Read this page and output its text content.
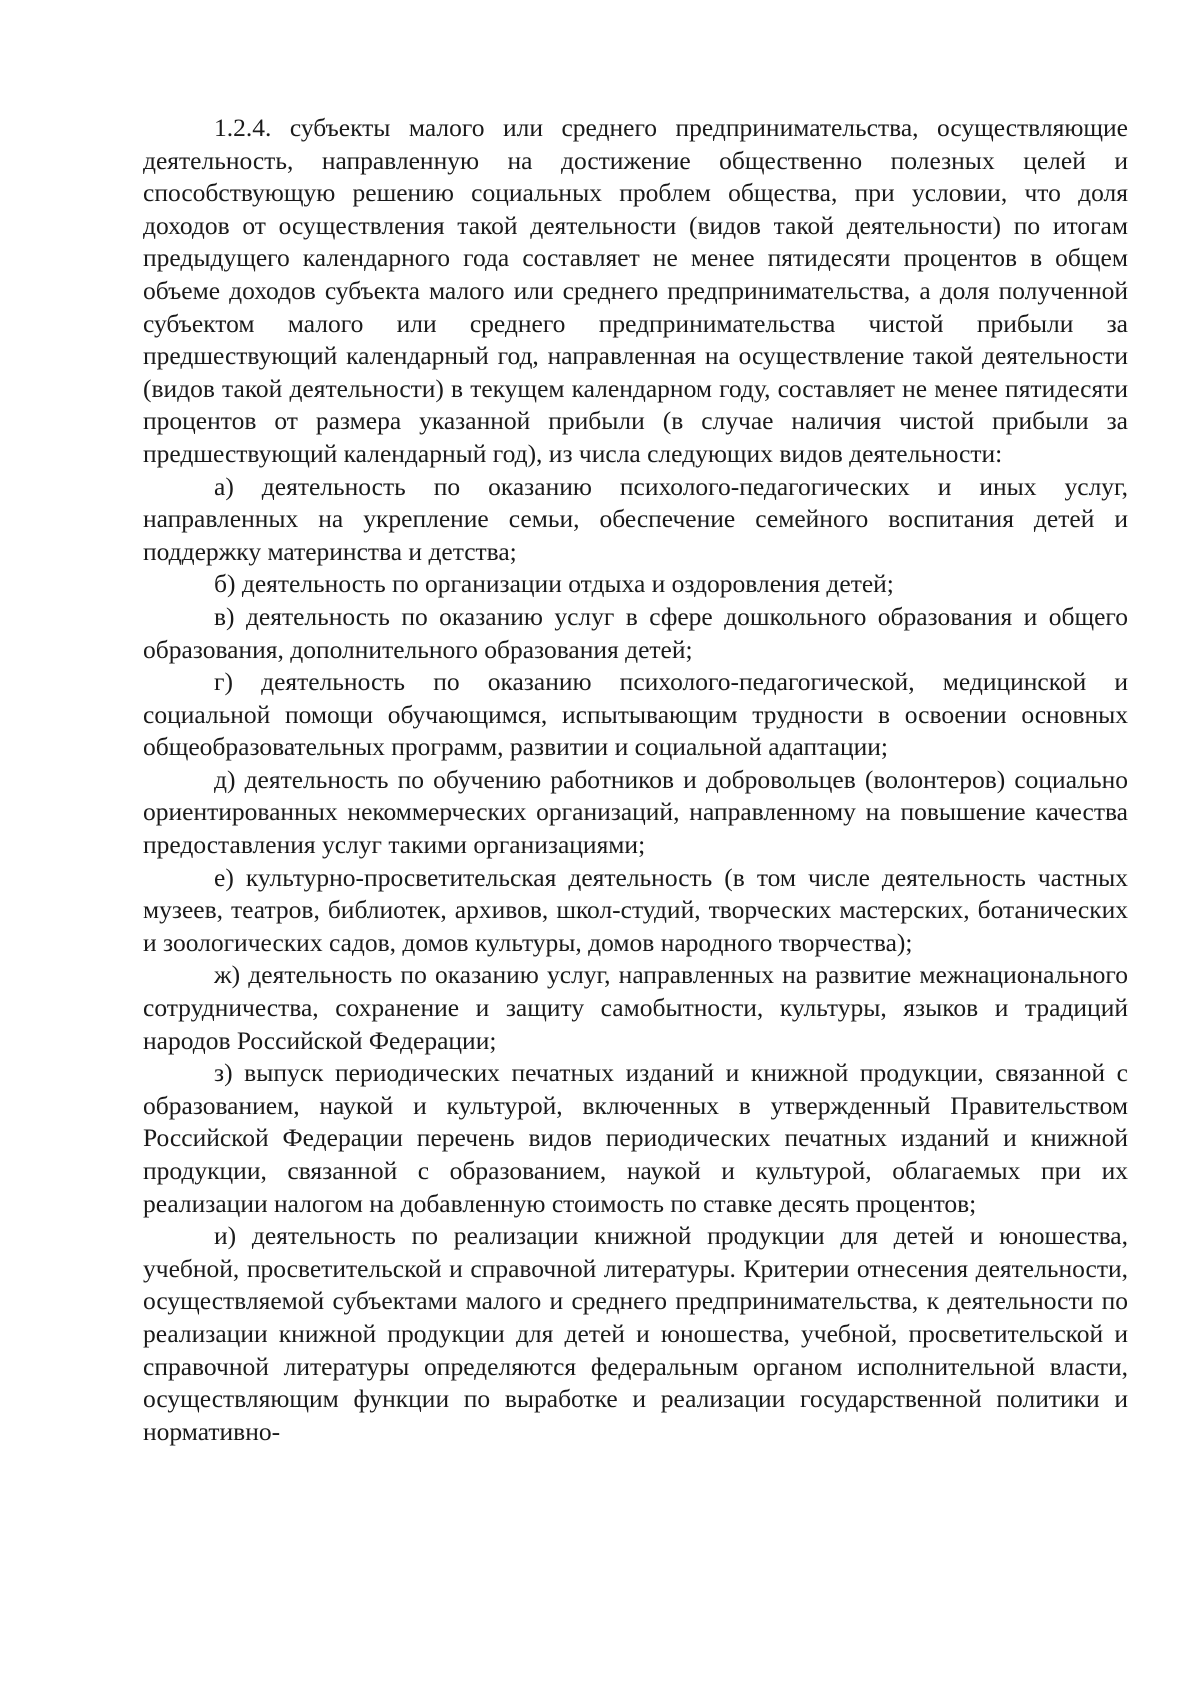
1.2.4. субъекты малого или среднего предпринимательства, осуществляющие деятельность, направленную на достижение общественно полезных целей и способствующую решению социальных проблем общества, при условии, что доля доходов от осуществления такой деятельности (видов такой деятельности) по итогам предыдущего календарного года составляет не менее пятидесяти процентов в общем объеме доходов субъекта малого или среднего предпринимательства, а доля полученной субъектом малого или среднего предпринимательства чистой прибыли за предшествующий календарный год, направленная на осуществление такой деятельности (видов такой деятельности) в текущем календарном году, составляет не менее пятидесяти процентов от размера указанной прибыли (в случае наличия чистой прибыли за предшествующий календарный год), из числа следующих видов деятельности:

а) деятельность по оказанию психолого-педагогических и иных услуг, направленных на укрепление семьи, обеспечение семейного воспитания детей и поддержку материнства и детства;

б) деятельность по организации отдыха и оздоровления детей;

в) деятельность по оказанию услуг в сфере дошкольного образования и общего образования, дополнительного образования детей;

г) деятельность по оказанию психолого-педагогической, медицинской и социальной помощи обучающимся, испытывающим трудности в освоении основных общеобразовательных программ, развитии и социальной адаптации;

д) деятельность по обучению работников и добровольцев (волонтеров) социально ориентированных некоммерческих организаций, направленному на повышение качества предоставления услуг такими организациями;

е) культурно-просветительская деятельность (в том числе деятельность частных музеев, театров, библиотек, архивов, школ-студий, творческих мастерских, ботанических и зоологических садов, домов культуры, домов народного творчества);

ж) деятельность по оказанию услуг, направленных на развитие межнационального сотрудничества, сохранение и защиту самобытности, культуры, языков и традиций народов Российской Федерации;

з) выпуск периодических печатных изданий и книжной продукции, связанной с образованием, наукой и культурой, включенных в утвержденный Правительством Российской Федерации перечень видов периодических печатных изданий и книжной продукции, связанной с образованием, наукой и культурой, облагаемых при их реализации налогом на добавленную стоимость по ставке десять процентов;

и) деятельность по реализации книжной продукции для детей и юношества, учебной, просветительской и справочной литературы. Критерии отнесения деятельности, осуществляемой субъектами малого и среднего предпринимательства, к деятельности по реализации книжной продукции для детей и юношества, учебной, просветительской и справочной литературы определяются федеральным органом исполнительной власти, осуществляющим функции по выработке и реализации государственной политики и нормативно-
